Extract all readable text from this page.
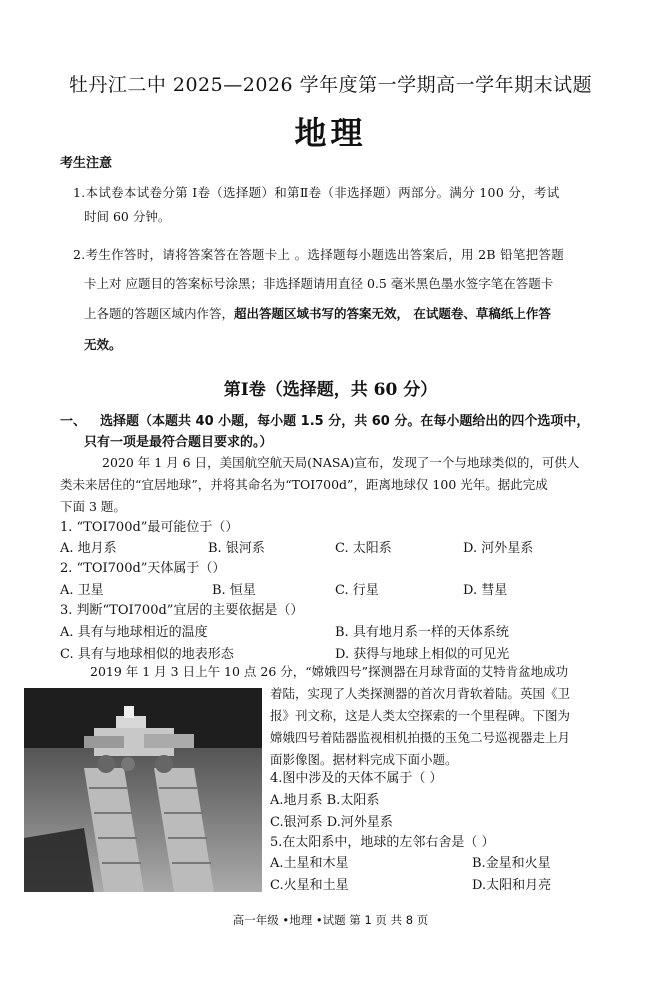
牡丹江二中 2025—2026 学年度第一学期高一学年期末试题
地理
考生注意
1.本试卷本试卷分第 Ⅰ卷（选择题）和第Ⅱ卷（非选择题）两部分。满分 100 分，考试
时间 60 分钟。
2.考生作答时，请将答案答在答题卡上 。选择题每小题选出答案后，用 2B 铅笔把答题
卡上对 应题目的答案标号涂黑；非选择题请用直径 0.5 毫米黑色墨水签字笔在答题卡
上各题的答题区域内作答，超出答题区域书写的答案无效， 在试题卷、草稿纸上作答
无效。
第Ⅰ卷（选择题，共 60 分）
一、 选择题（本题共 40 小题，每小题 1.5 分，共 60 分。在每小题给出的四个选项中，
只有一项是最符合题目要求的。）
2020 年 1 月 6 日，美国航空航天局(NASA)宣布，发现了一个与地球类似的，可供人
类未来居住的“宜居地球”，并将其命名为“TOI700d”，距离地球仅 100 光年。据此完成
下面 3 题。
1. “TOI700d”最可能位于（）
A. 地月系	B. 银河系	C. 太阳系	D. 河外星系
2. “TOI700d”天体属于（）
A. 卫星	B. 恒星	C. 行星	D. 彗星
3. 判断“TOI700d”宜居的主要依据是（）
A. 具有与地球相近的温度	B. 具有地月系一样的天体系统
C. 具有与地球相似的地表形态	D. 获得与地球上相似的可见光
2019 年 1 月 3 日上午 10 点 26 分，“嫦娥四号”探测器在月球背面的艾特肯盆地成功
着陆，实现了人类探测器的首次月背软着陆。英国《卫
报》刊文称，这是人类太空探索的一个里程碑。下图为
嫦娥四号着陆器监视相机拍摄的玉兔二号巡视器走上月
面影像图。据材料完成下面小题。
4.图中涉及的天体不属于（ ）
A.地月系 B.太阳系
C.银河系 D.河外星系
5.在太阳系中，地球的左邻右舍是（ ）
A.土星和木星	B.金星和火星
C.火星和土星	D.太阳和月亮
高一年级 •地理 •试题 第 1 页 共 8 页
